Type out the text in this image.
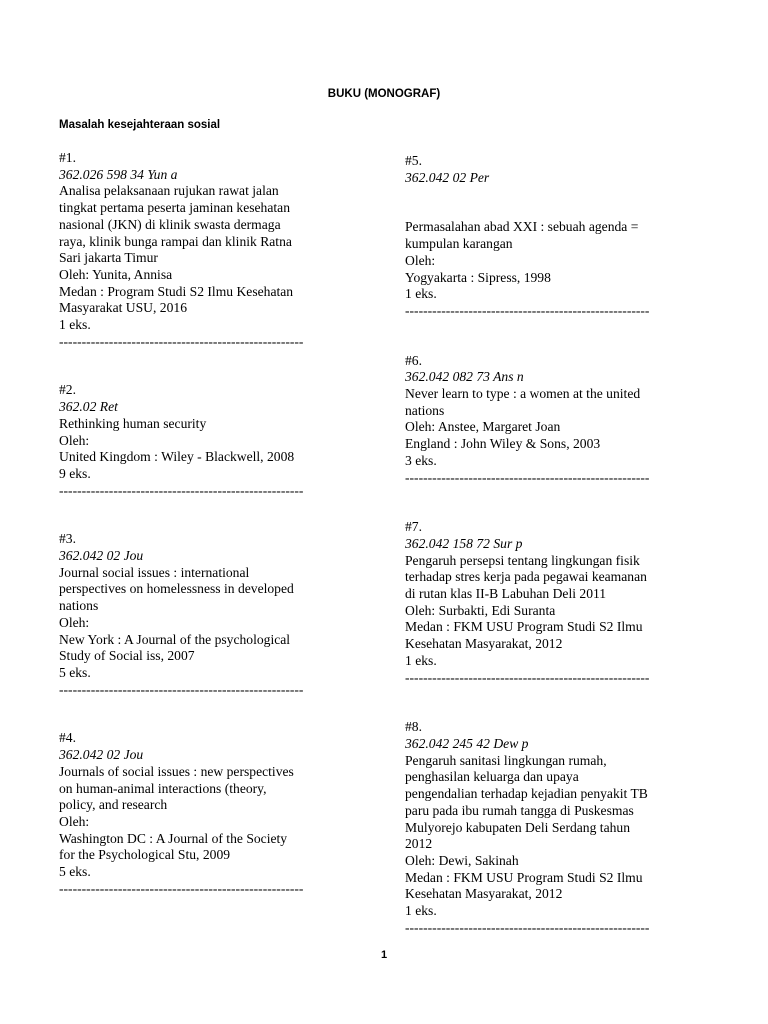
BUKU (MONOGRAF)
Masalah kesejahteraan sosial
#1.
362.026 598 34 Yun a
Analisa pelaksanaan rujukan rawat jalan
tingkat pertama peserta jaminan kesehatan
nasional (JKN) di klinik swasta dermaga
raya, klinik bunga rampai dan klinik Ratna
Sari jakarta Timur
Oleh: Yunita, Annisa
Medan : Program Studi S2 Ilmu Kesehatan
Masyarakat USU, 2016
1 eks.
------------------------------------------------------
#2.
362.02 Ret
Rethinking human security
Oleh:
United Kingdom : Wiley - Blackwell, 2008
9 eks.
------------------------------------------------------
#3.
362.042 02 Jou
Journal social issues : international
perspectives on homelessness in developed
nations
Oleh:
New York : A Journal of the psychological
Study of Social iss, 2007
5 eks.
------------------------------------------------------
#4.
362.042 02 Jou
Journals of social issues : new perspectives
on human-animal interactions (theory,
policy, and research
Oleh:
Washington DC : A Journal of the Society
for the Psychological Stu, 2009
5 eks.
------------------------------------------------------
#5.
362.042 02 Per
Permasalahan abad XXI : sebuah agenda =
kumpulan karangan
Oleh:
Yogyakarta : Sipress, 1998
1 eks.
------------------------------------------------------
#6.
362.042 082 73 Ans n
Never learn to type : a women at the united
nations
Oleh: Anstee, Margaret Joan
England : John Wiley & Sons, 2003
3 eks.
------------------------------------------------------
#7.
362.042 158 72 Sur p
Pengaruh persepsi tentang lingkungan fisik
terhadap stres kerja pada pegawai keamanan
di rutan klas II-B Labuhan Deli 2011
Oleh: Surbakti, Edi Suranta
Medan : FKM USU Program Studi S2 Ilmu
Kesehatan Masyarakat, 2012
1 eks.
------------------------------------------------------
#8.
362.042 245 42 Dew p
Pengaruh sanitasi lingkungan rumah,
penghasilan keluarga dan upaya
pengendalian terhadap kejadian penyakit TB
paru pada ibu rumah tangga di Puskesmas
Mulyorejo kabupaten Deli Serdang tahun
2012
Oleh: Dewi, Sakinah
Medan : FKM USU Program Studi S2 Ilmu
Kesehatan Masyarakat, 2012
1 eks.
------------------------------------------------------
1
